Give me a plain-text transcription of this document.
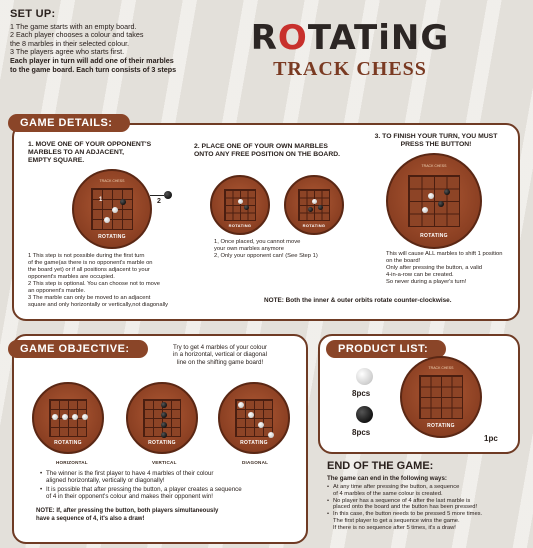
SET UP:
1 The game starts with an empty board.
2 Each player chooses a colour and takes
the 8 marbles in their selected colour.
3 The players agree who starts first.
Each player in turn will add one of their marbles
to the game board. Each turn consists of 3 steps
ROTATiNG
TRACK CHESS
GAME DETAILS:
1. MOVE ONE OF YOUR OPPONENT'S
MARBLES TO AN ADJACENT,
EMPTY SQUARE.
2. PLACE ONE OF YOUR OWN MARBLES
ONTO ANY FREE POSITION ON THE BOARD.
3. TO FINISH YOUR TURN, YOU MUST
PRESS THE BUTTON!
TRACK CHESS
ROTATING
2
1
1 This step is not possible during the first turn
of the game(as there is no opponent's marble on
the board yet) or if all positions adjacent to your
opponent's marbles are occupied.
2 This step is optional. You can choose not to move
an opponent's marble.
3 The marble can only be moved to an adjacent
square and only horizontally or vertically,not diagonally
ROTATING	ROTATING
1, Once placed, you cannot move
your own marbles anymore
2, Only your opponent can! (See Step 1)
TRACK CHESS
ROTATING
This will cause ALL marbles to shift 1 position
on the board!
Only after pressing the button, a valid
4-in-a-row can be created.
So never during a player's turn!
NOTE: Both the inner & outer orbits rotate counter-clockwise.
GAME OBJECTIVE:	Try to get 4 marbles of your colour
in a horizontal, vertical or diagonal
line on the shifting game board!
ROTATING	ROTATING	ROTATING
HORIZONTAL	VERTICAL	DIAGONAL
• The winner is the first player to have 4 marbles of their colour
aligned horizontally, vertically or diagonally!
• It is possible that after pressing the button, a player creates a sequence
of 4 in their opponent's colour and makes their opponent win!
NOTE: If, after pressing the button, both players simultaneously
have a sequence of 4, it's also a draw!
PRODUCT LIST:
8pcs
8pcs
TRACK CHESS
ROTATING
1pc
END OF THE GAME:
The game can end in the following ways:
• At any time after pressing the button, a sequence
of 4 marbles of the same colour is created.
• No player has a sequence of 4 after the last marble is
placed onto the board and the button has been pressed!
• In this case, the button needs to be pressed 5 more times.
The first player to get a sequence wins the game.
If there is no sequence after 5 times, it's a draw!
